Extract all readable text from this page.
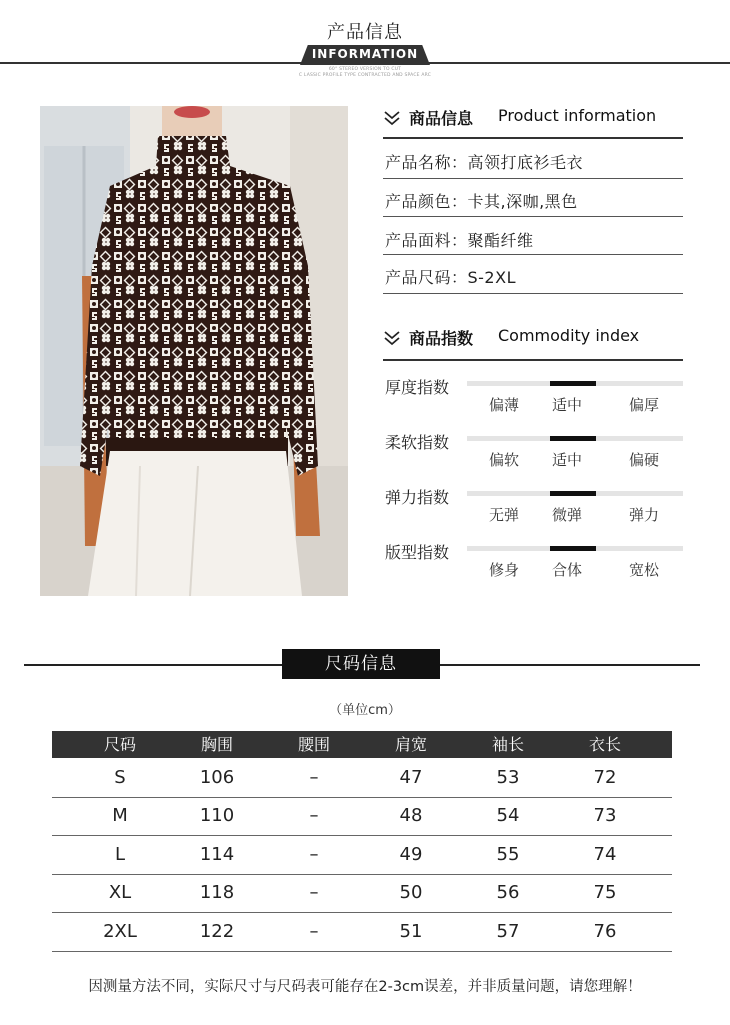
产品信息
INFORMATION
60° STEREO VERSION TO CUT
C LASSIC PROFILE TYPE CONTRACTED AND SPACE ARC
商品信息 Product information
产品名称：高领打底衫毛衣
产品颜色：卡其,深咖,黑色
产品面料：聚酯纤维
产品尺码：S-2XL
商品指数 Commodity index
厚度指数
偏薄	适中	偏厚
柔软指数
偏软	适中	偏硬
弹力指数
无弹	微弹	弹力
版型指数
修身	合体	宽松
尺码信息
（单位cm）
尺码	胸围	腰围	肩宽	袖长	衣长
S	106	–	47	53	72
M	110	–	48	54	73
L	114	–	49	55	74
XL	118	–	50	56	75
2XL	122	–	51	57	76
因测量方法不同，实际尺寸与尺码表可能存在2-3cm误差，并非质量问题，请您理解！
